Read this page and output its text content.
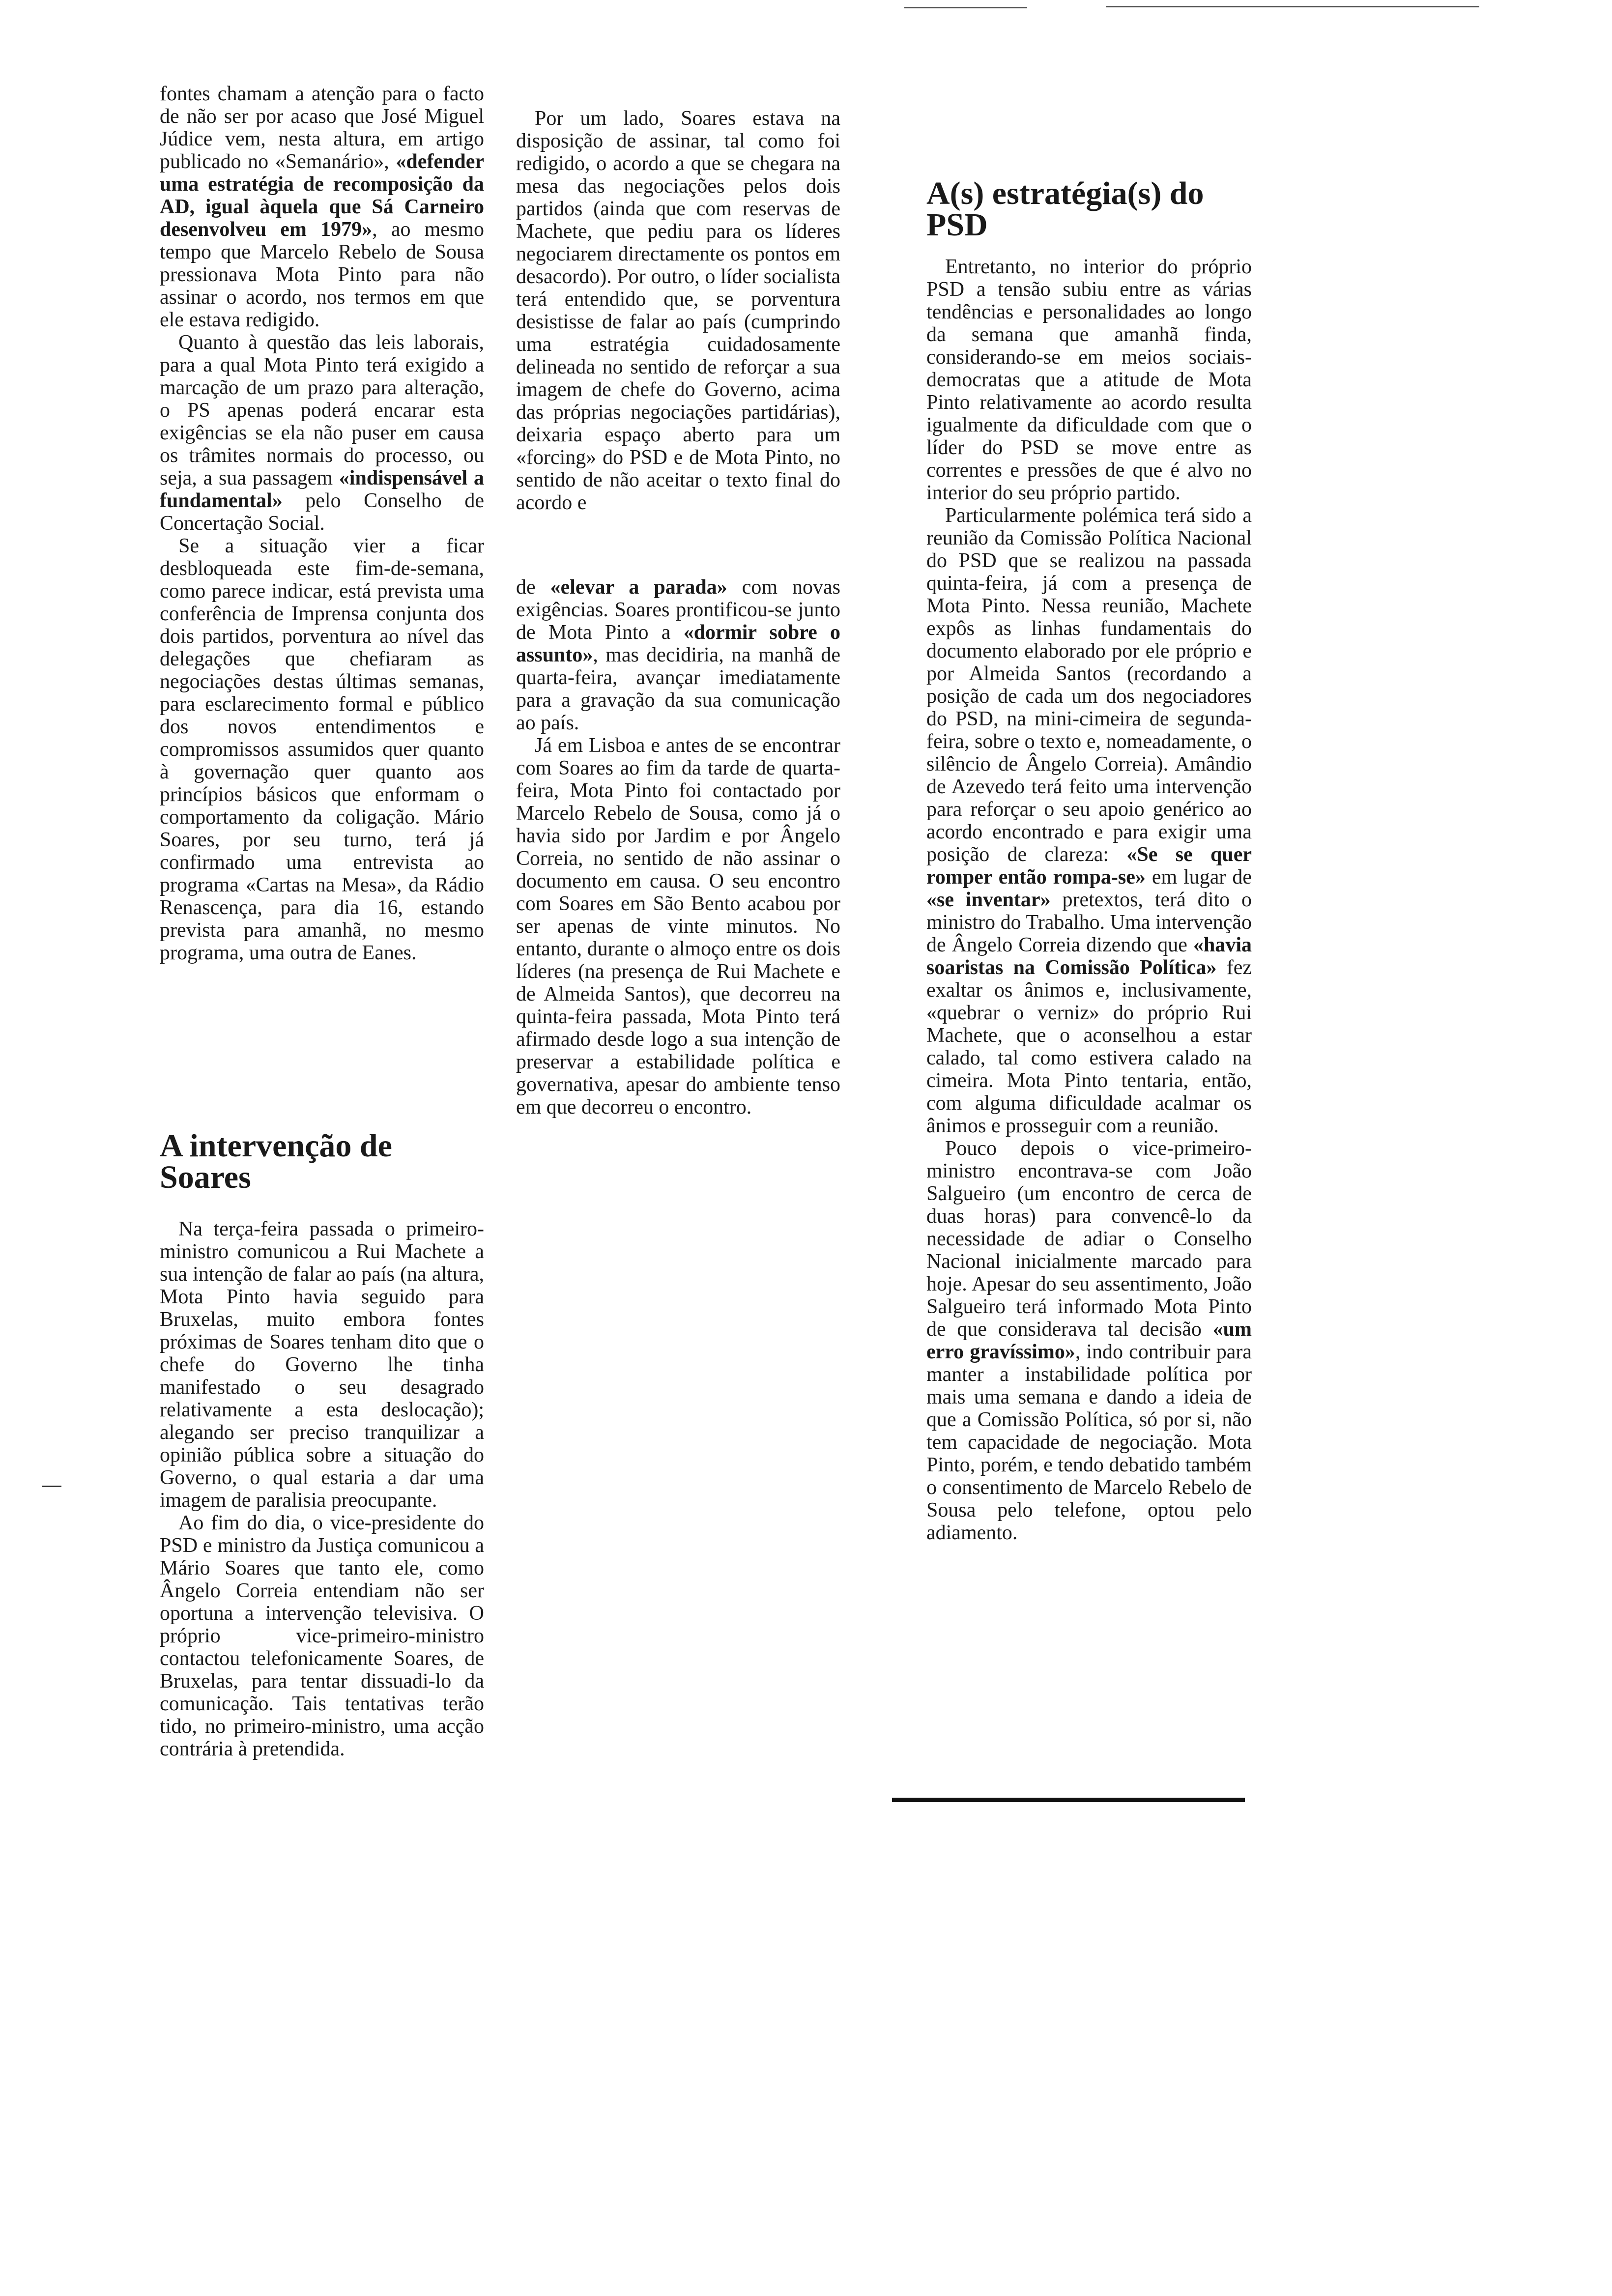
fontes chamam a atenção para o facto de não ser por acaso que José Miguel Júdice vem, nesta altura, em artigo publicado no «Semanário», «defender uma estratégia de recomposição da AD, igual àquela que Sá Carneiro desenvolveu em 1979», ao mesmo tempo que Marcelo Rebelo de Sousa pressionava Mota Pinto para não assinar o acordo, nos termos em que ele estava redigido.

Quanto à questão das leis laborais, para a qual Mota Pinto terá exigido a marcação de um prazo para alteração, o PS apenas poderá encarar esta exigências se ela não puser em causa os trâmites normais do processo, ou seja, a sua passagem «indispensável a fundamental» pelo Conselho de Concertação Social.

Se a situação vier a ficar desbloqueada este fim-de-semana, como parece indicar, está prevista uma conferência de Imprensa conjunta dos dois partidos, porventura ao nível das delegações que chefiaram as negociações destas últimas semanas, para esclarecimento formal e público dos novos entendimentos e compromissos assumidos quer quanto à governação quer quanto aos princípios básicos que enformam o comportamento da coligação. Mário Soares, por seu turno, terá já confirmado uma entrevista ao programa «Cartas na Mesa», da Rádio Renascença, para dia 16, estando prevista para amanhã, no mesmo programa, uma outra de Eanes.

A intervenção de Soares

Na terça-feira passada o primeiro-ministro comunicou a Rui Machete a sua intenção de falar ao país (na altura, Mota Pinto havia seguido para Bruxelas, muito embora fontes próximas de Soares tenham dito que o chefe do Governo lhe tinha manifestado o seu desagrado relativamente a esta deslocação); alegando ser preciso tranquilizar a opinião pública sobre a situação do Governo, o qual estaria a dar uma imagem de paralisia preocupante.

Ao fim do dia, o vice-presidente do PSD e ministro da Justiça comunicou a Mário Soares que tanto ele, como Ângelo Correia entendiam não ser oportuna a intervenção televisiva. O próprio vice-primeiro-ministro contactou telefonicamente Soares, de Bruxelas, para tentar dissuadi-lo da comunicação. Tais tentativas terão tido, no primeiro-ministro, uma acção contrária à pretendida.

Por um lado, Soares estava na disposição de assinar, tal como foi redigido, o acordo a que se chegara na mesa das negociações pelos dois partidos (ainda que com reservas de Machete, que pediu para os líderes negociarem directamente os pontos em desacordo). Por outro, o líder socialista terá entendido que, se porventura desistisse de falar ao país (cumprindo uma estratégia cuidadosamente delineada no sentido de reforçar a sua imagem de chefe do Governo, acima das próprias negociações partidárias), deixaria espaço aberto para um «forcing» do PSD e de Mota Pinto, no sentido de não aceitar o texto final do acordo e

de «elevar a parada» com novas exigências. Soares prontificou-se junto de Mota Pinto a «dormir sobre o assunto», mas decidiria, na manhã de quarta-feira, avançar imediatamente para a gravação da sua comunicação ao país.

Já em Lisboa e antes de se encontrar com Soares ao fim da tarde de quarta-feira, Mota Pinto foi contactado por Marcelo Rebelo de Sousa, como já o havia sido por Jardim e por Ângelo Correia, no sentido de não assinar o documento em causa. O seu encontro com Soares em São Bento acabou por ser apenas de vinte minutos. No entanto, durante o almoço entre os dois líderes (na presença de Rui Machete e de Almeida Santos), que decorreu na quinta-feira passada, Mota Pinto terá afirmado desde logo a sua intenção de preservar a estabilidade política e governativa, apesar do ambiente tenso em que decorreu o encontro.

A(s) estratégia(s) do PSD

Entretanto, no interior do próprio PSD a tensão subiu entre as várias tendências e personalidades ao longo da semana que amanhã finda, considerando-se em meios sociais-democratas que a atitude de Mota Pinto relativamente ao acordo resulta igualmente da dificuldade com que o líder do PSD se move entre as correntes e pressões de que é alvo no interior do seu próprio partido.

Particularmente polémica terá sido a reunião da Comissão Política Nacional do PSD que se realizou na passada quinta-feira, já com a presença de Mota Pinto. Nessa reunião, Machete expôs as linhas fundamentais do documento elaborado por ele próprio e por Almeida Santos (recordando a posição de cada um dos negociadores do PSD, na mini-cimeira de segunda-feira, sobre o texto e, nomeadamente, o silêncio de Ângelo Correia). Amândio de Azevedo terá feito uma intervenção para reforçar o seu apoio genérico ao acordo encontrado e para exigir uma posição de clareza: «Se se quer romper então rompa-se» em lugar de «se inventar» pretextos, terá dito o ministro do Trabalho. Uma intervenção de Ângelo Correia dizendo que «havia soaristas na Comissão Política» fez exaltar os ânimos e, inclusivamente, «quebrar o verniz» do próprio Rui Machete, que o aconselhou a estar calado, tal como estivera calado na cimeira. Mota Pinto tentaria, então, com alguma dificuldade acalmar os ânimos e prosseguir com a reunião.

Pouco depois o vice-primeiro-ministro encontrava-se com João Salgueiro (um encontro de cerca de duas horas) para convencê-lo da necessidade de adiar o Conselho Nacional inicialmente marcado para hoje. Apesar do seu assentimento, João Salgueiro terá informado Mota Pinto de que considerava tal decisão «um erro gravíssimo», indo contribuir para manter a instabilidade política por mais uma semana e dando a ideia de que a Comissão Política, só por si, não tem capacidade de negociação. Mota Pinto, porém, e tendo debatido também o consentimento de Marcelo Rebelo de Sousa pelo telefone, optou pelo adiamento.
